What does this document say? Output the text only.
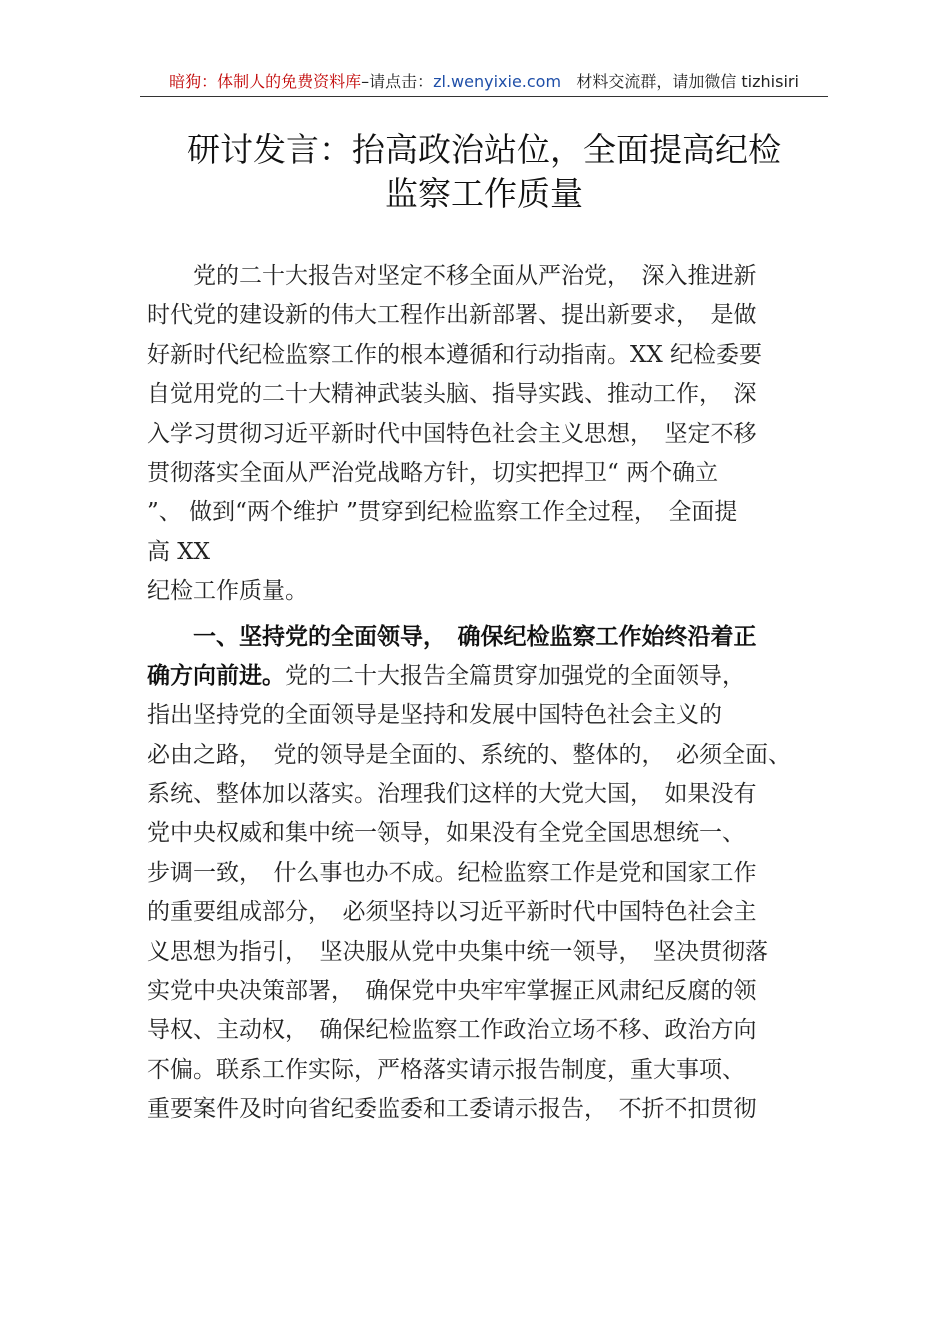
暗狗：体制人的免费资料库–请点击：zl.wenyixie.com 材料交流群，请加微信 tizhisiri
研讨发言：抬高政治站位，全面提高纪检
监察工作质量
　　党的二十大报告对坚定不移全面从严治党，　深入推进新
时代党的建设新的伟大工程作出新部署、提出新要求，　是做
好新时代纪检监察工作的根本遵循和行动指南。XX 纪检委要
自觉用党的二十大精神武装头脑、指导实践、推动工作，　深
入学习贯彻习近平新时代中国特色社会主义思想，　坚定不移
贯彻落实全面从严治党战略方针，切实把捍卫“ 两个确立
”、 做到“两个维护 ”贯穿到纪检监察工作全过程，　全面提
高 XX
纪检工作质量。
　　一、坚持党的全面领导，　确保纪检监察工作始终沿着正
确方向前进。党的二十大报告全篇贯穿加强党的全面领导，
指出坚持党的全面领导是坚持和发展中国特色社会主义的
必由之路，　党的领导是全面的、系统的、整体的，　必须全面、
系统、整体加以落实。治理我们这样的大党大国，　如果没有
党中央权威和集中统一领导，如果没有全党全国思想统一、
步调一致，　什么事也办不成。纪检监察工作是党和国家工作
的重要组成部分，　必须坚持以习近平新时代中国特色社会主
义思想为指引，　坚决服从党中央集中统一领导，　坚决贯彻落
实党中央决策部署，　确保党中央牢牢掌握正风肃纪反腐的领
导权、主动权，　确保纪检监察工作政治立场不移、政治方向
不偏。联系工作实际，严格落实请示报告制度，重大事项、
重要案件及时向省纪委监委和工委请示报告，　不折不扣贯彻
